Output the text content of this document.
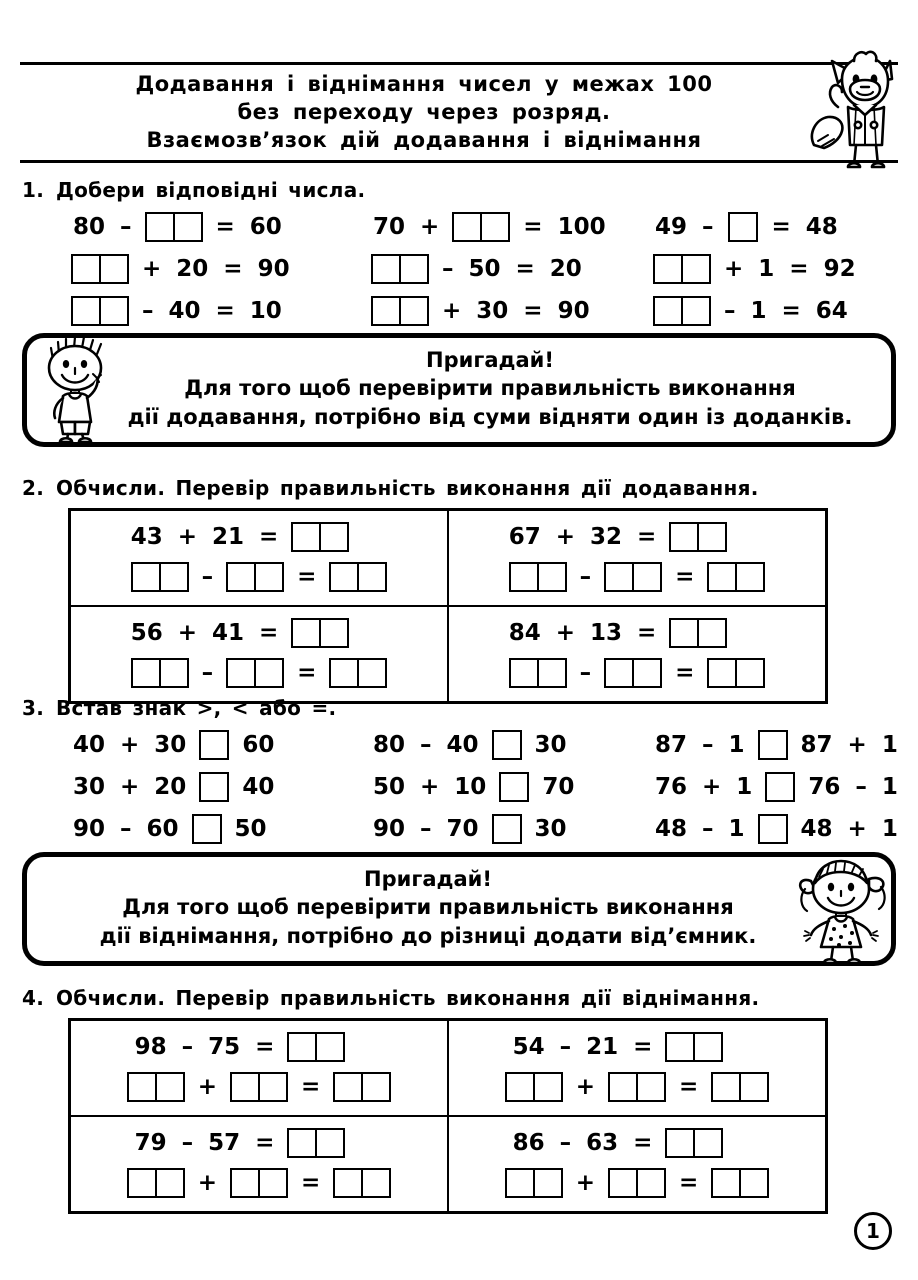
Додавання і віднімання чисел у межах 100
без переходу через розряд.
Взаємозв’язок дій додавання і віднімання
1. Добери відповідні числа.
80 –	= 60	70 +	= 100	49 –	= 48
+ 20 = 90	– 50 = 20	+ 1 = 92
– 40 = 10	+ 30 = 90	– 1 = 64
Пригадай!
Для того щоб перевірити правильність виконання
дії додавання, потрібно від суми відняти один із доданків.
2. Обчисли. Перевір правильність виконання дії додавання.
43 + 21 =
–	=

67 + 32 =
–	=

56 + 41 =
–	=

84 + 13 =
–	=
3. Встав знак >, < або =.
40 + 30	60	80 – 40	30	87 – 1	87 + 1
30 + 20	40	50 + 10	70	76 + 1	76 – 1
90 – 60	50	90 – 70	30	48 – 1	48 + 1
Пригадай!
Для того щоб перевірити правильність виконання
дії віднімання, потрібно до різниці додати від’ємник.
4. Обчисли. Перевір правильність виконання дії віднімання.
98 – 75 =
+	=

54 – 21 =
+	=

79 – 57 =
+	=

86 – 63 =
+	=
1
